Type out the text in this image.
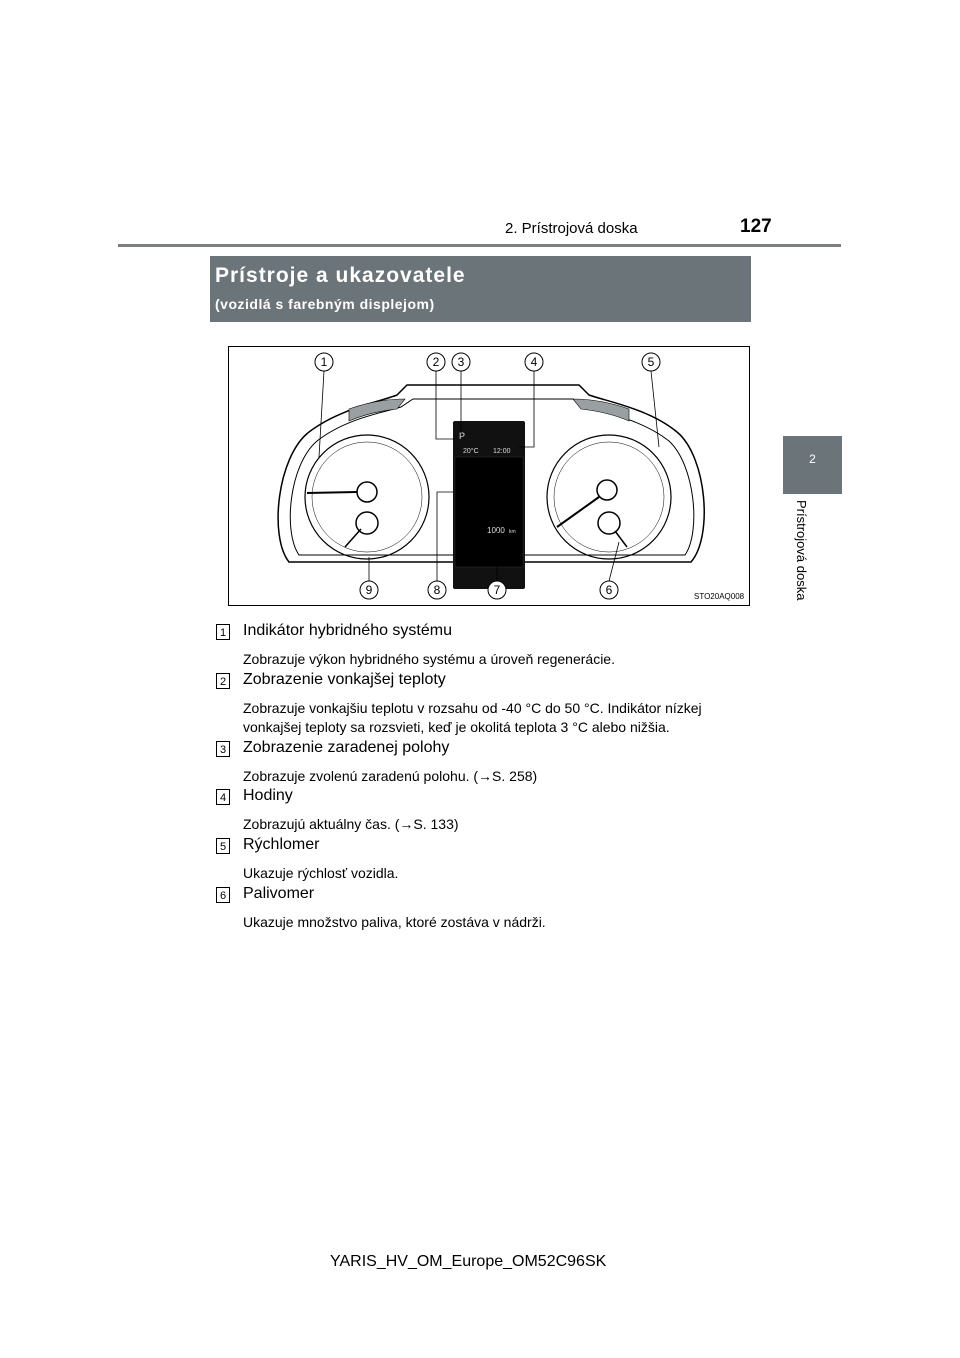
2. Prístrojová doska	127
2
Prístrojová doska
Prístroje a ukazovatele
(vozidlá s farebným displejom)
P
20°C 12:00
1000 km
1	2 3	4	5
9	8	7	6	STO20AQ008
1 Indikátor hybridného systému
Zobrazuje výkon hybridného systému a úroveň regenerácie.
2 Zobrazenie vonkajšej teploty
Zobrazuje vonkajšiu teplotu v rozsahu od -40 °C do 50 °C. Indikátor nízkej vonkajšej teploty sa rozsvieti, keď je okolitá teplota 3 °C alebo nižšia.
3 Zobrazenie zaradenej polohy
Zobrazuje zvolenú zaradenú polohu. (→S. 258)
4 Hodiny
Zobrazujú aktuálny čas. (→S. 133)
5 Rýchlomer
Ukazuje rýchlosť vozidla.
6 Palivomer
Ukazuje množstvo paliva, ktoré zostáva v nádrži.
YARIS_HV_OM_Europe_OM52C96SK
